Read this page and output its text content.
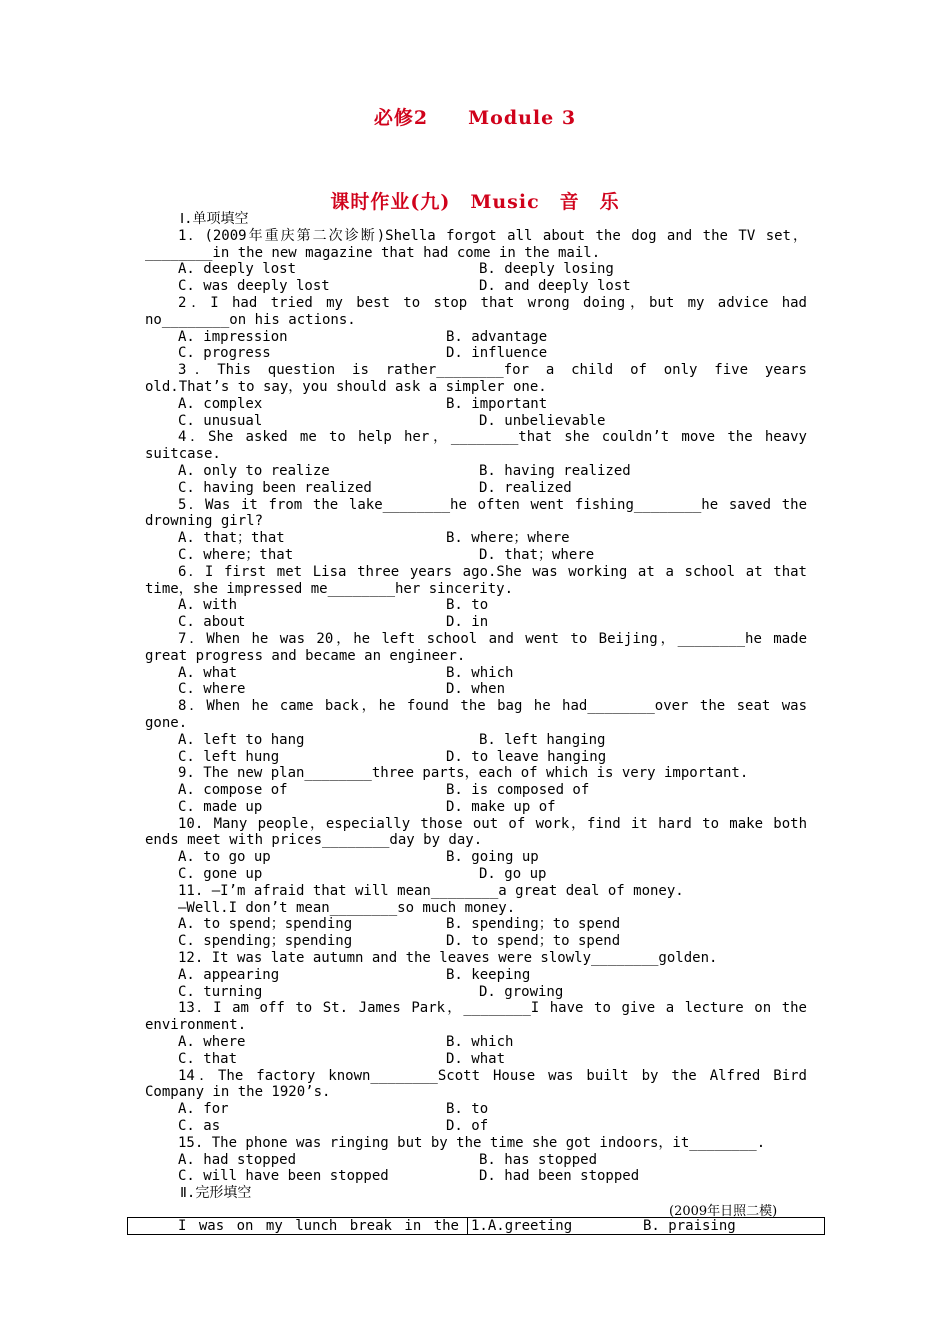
必修2　　Module 3
课时作业(九)　Music　音　乐
Ⅰ.单项填空
1．(2009年重庆第二次诊断)Shella forgot all about the dog and the TV set，________in the new magazine that had come in the mail.
A. deeply lost	B. deeply losing
C. was deeply lost	D. and deeply lost
2．I had tried my best to stop that wrong doing，but my advice had no________on his actions.
A. impression	B. advantage
C. progress	D. influence
3．This question is rather________for a child of only five years old.That’s to say，you should ask a simpler one.
A. complex	B. important
C. unusual	D. unbelievable
4．She asked me to help her，________that she couldn’t move the heavy suitcase.
A. only to realize	B. having realized
C. having been realized	D. realized
5．Was it from the lake________he often went fishing________he saved the drowning girl?
A. that；that	B. where；where
C. where；that	D. that；where
6．I first met Lisa three years ago.She was working at a school at that time，she impressed me________her sincerity.
A. with	B. to
C. about	D. in
7．When he was 20，he left school and went to Beijing，________he made great progress and became an engineer.
A. what	B. which
C. where	D. when
8．When he came back，he found the bag he had________over the seat was gone.
A. left to hang	B. left hanging
C. left hung	D. to leave hanging
9. The new plan________three parts，each of which is very important.
A. compose of	B. is composed of
C. made up	D. make up of
10. Many people，especially those out of work，find it hard to make both ends meet with prices________day by day.
A. to go up	B. going up
C. gone up	D. go up
11. —I’m afraid that will mean________a great deal of money.
—Well.I don’t mean________so much money.
A. to spend；spending	B. spending；to spend
C. spending；spending	D. to spend；to spend
12. It was late autumn and the leaves were slowly________golden.
A. appearing	B. keeping
C. turning	D. growing
13．I am off to St. James Park，________I have to give a lecture on the environment.
A. where	B. which
C. that	D. what
14．The factory known________Scott House was built by the Alfred Bird Company in the 1920’s.
A. for	B. to
C. as	D. of
15. The phone was ringing but by the time she got indoors，it________.
A. had stopped	B. has stopped
C. will have been stopped	D. had been stopped
Ⅱ.完形填空
(2009年日照二模)
I was on my lunch break in the 1.A.greeting	B. praising
